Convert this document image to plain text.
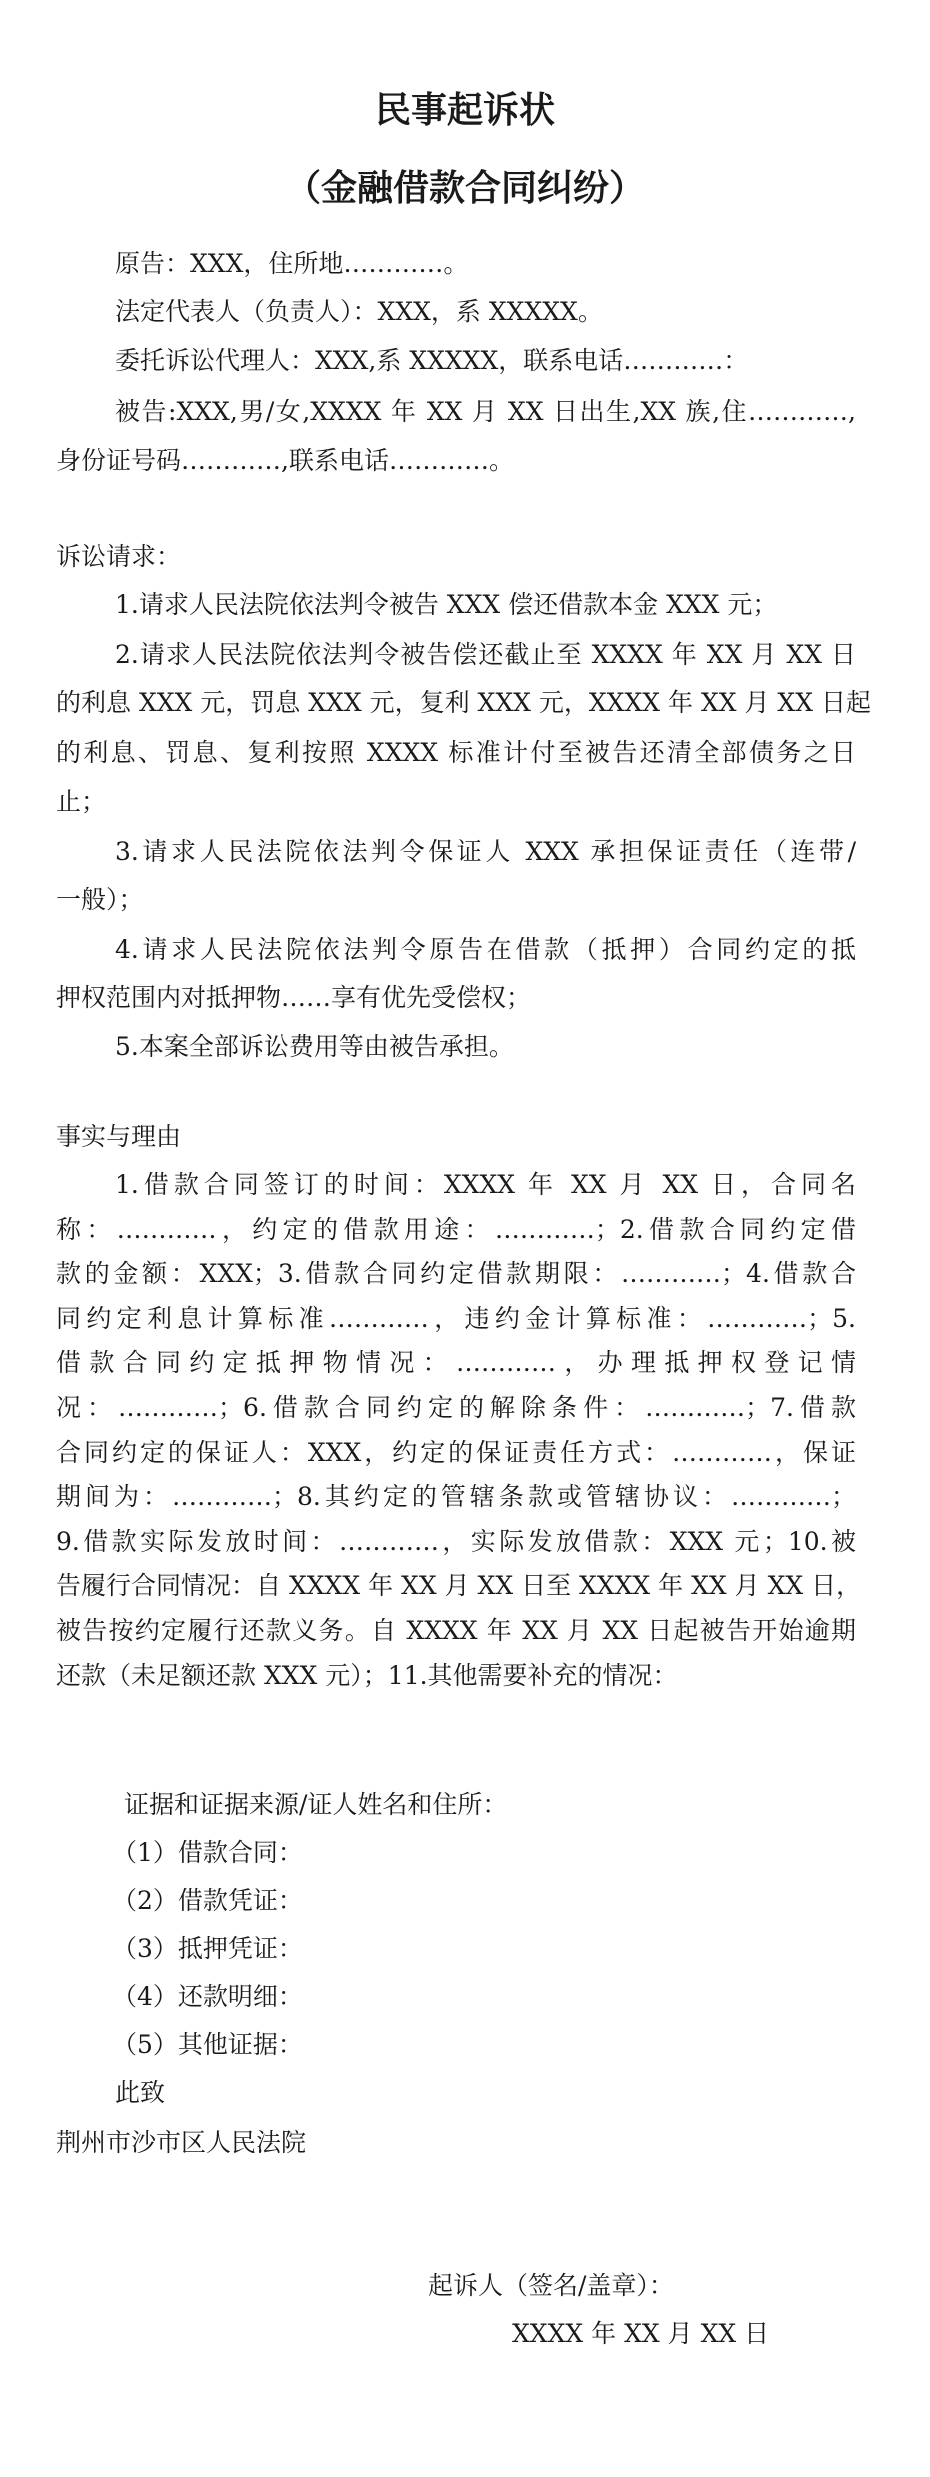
民事起诉状
（金融借款合同纠纷）
原告：XXX，住所地…………。
法定代表人（负责人）：XXX，系 XXXXX。
委托诉讼代理人：XXX,系 XXXXX，联系电话…………：
被告:XXX,男/女,XXXX 年 XX 月 XX 日出生,XX 族,住…………,
身份证号码…………,联系电话…………。
诉讼请求：
1.请求人民法院依法判令被告 XXX 偿还借款本金 XXX 元；
2.请求人民法院依法判令被告偿还截止至 XXXX 年 XX 月 XX 日
的利息 XXX 元，罚息 XXX 元，复利 XXX 元，XXXX 年 XX 月 XX 日起
的利息、罚息、复利按照 XXXX 标准计付至被告还清全部债务之日
止；
3.请求人民法院依法判令保证人 XXX 承担保证责任（连带/
一般）；
4.请求人民法院依法判令原告在借款（抵押）合同约定的抵
押权范围内对抵押物……享有优先受偿权；
5.本案全部诉讼费用等由被告承担。
事实与理由
1.借款合同签订的时间：XXXX 年 XX 月 XX 日，合同名
称：…………，约定的借款用途：…………；2.借款合同约定借
款的金额：XXX；3.借款合同约定借款期限：…………；4.借款合
同约定利息计算标准…………，违约金计算标准：…………；5.
借款合同约定抵押物情况：…………，办理抵押权登记情
况：…………；6.借款合同约定的解除条件：…………；7.借款
合同约定的保证人：XXX，约定的保证责任方式：…………，保证
期间为：…………；8.其约定的管辖条款或管辖协议：…………；
9.借款实际发放时间：…………，实际发放借款：XXX 元；10.被
告履行合同情况：自 XXXX 年 XX 月 XX 日至 XXXX 年 XX 月 XX 日，
被告按约定履行还款义务。自 XXXX 年 XX 月 XX 日起被告开始逾期
还款（未足额还款 XXX 元）；11.其他需要补充的情况：
证据和证据来源/证人姓名和住所：
（1）借款合同：
（2）借款凭证：
（3）抵押凭证：
（4）还款明细：
（5）其他证据：
此致
荆州市沙市区人民法院
起诉人（签名/盖章）：
XXXX 年 XX 月 XX 日
